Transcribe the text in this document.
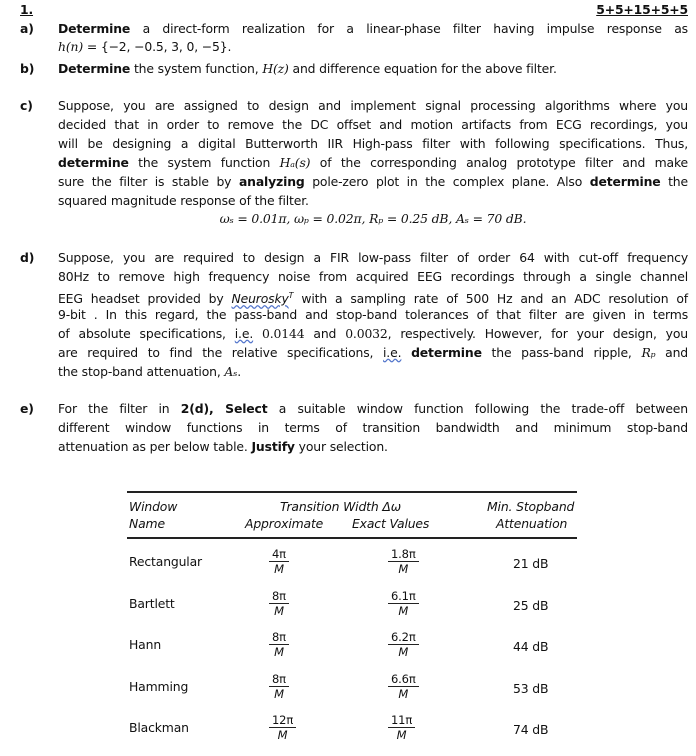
1.	5+5+15+5+5
a) Determine a direct-form realization for a linear-phase filter having impulse response as
h(n) = {−2, −0.5, 3, 0, −5}.
b) Determine the system function, H(z) and difference equation for the above filter.
c) Suppose, you are assigned to design and implement signal processing algorithms where you
decided that in order to remove the DC offset and motion artifacts from ECG recordings, you
will be designing a digital Butterworth IIR High-pass filter with following specifications. Thus,
determine the system function Hₐ(s) of the corresponding analog prototype filter and make
sure the filter is stable by analyzing pole-zero plot in the complex plane. Also determine the
squared magnitude response of the filter.
d) Suppose, you are required to design a FIR low-pass filter of order 64 with cut-off frequency
80Hz to remove high frequency noise from acquired EEG recordings through a single channel
EEG headset provided by Neurosky$^T$ with a sampling rate of 500 Hz and an ADC resolution of
9-bit . In this regard, the pass-band and stop-band tolerances of that filter are given in terms
of absolute specifications, i.e. 0.0144 and 0.0032, respectively. However, for your design, you
are required to find the relative specifications, i.e. determine the pass-band ripple, Rₚ and
the stop-band attenuation, Aₛ.
e) For the filter in 2(d), Select a suitable window function following the trade-off between
different window functions in terms of transition bandwidth and minimum stop-band
attenuation as per below table. Justify your selection.
ωₛ = 0.01π, ωₚ = 0.02π, Rₚ = 0.25 dB, Aₛ = 70 dB.
Window
Name
Transition Width Δω
Approximate Exact Values
Min. Stopband
Attenuation
Rectangular	$\frac{4\pi}{M}$	$\frac{1.8\pi}{M}$	21 dB
Bartlett	$\frac{8\pi}{M}$	$\frac{6.1\pi}{M}$	25 dB
Hann	$\frac{8\pi}{M}$	$\frac{6.2\pi}{M}$	44 dB
Hamming	$\frac{8\pi}{M}$	$\frac{6.6\pi}{M}$	53 dB
Blackman	$\frac{12\pi}{M}$	$\frac{11\pi}{M}$	74 dB
